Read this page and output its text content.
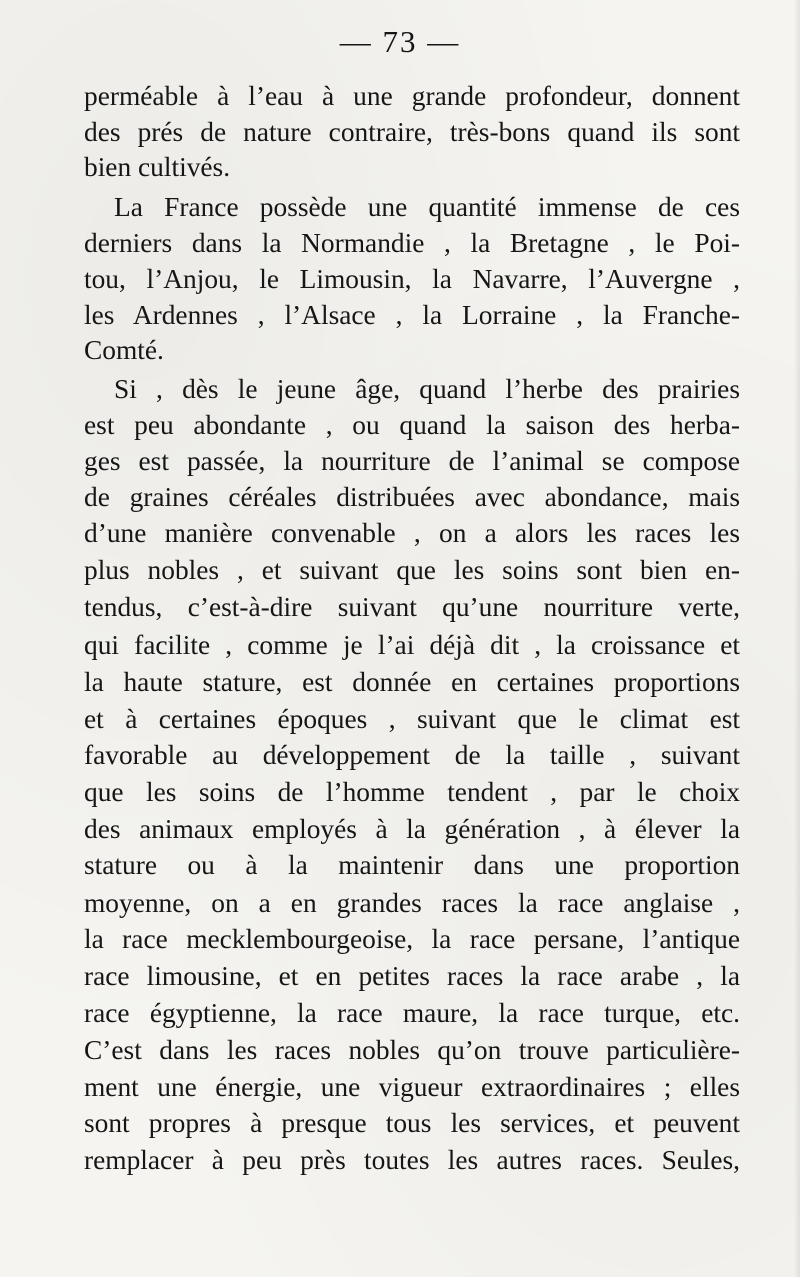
— 73 —
perméable à l’eau à une grande profondeur, donnent
des prés de nature contraire, très-bons quand ils sont
bien cultivés.
La France possède une quantité immense de ces
derniers dans la Normandie , la Bretagne , le Poi-
tou, l’Anjou, le Limousin, la Navarre, l’Auvergne ,
les Ardennes , l’Alsace , la Lorraine , la Franche-
Comté.
Si , dès le jeune âge, quand l’herbe des prairies
est peu abondante , ou quand la saison des herba-
ges est passée, la nourriture de l’animal se compose
de graines céréales distribuées avec abondance, mais
d’une manière convenable , on a alors les races les
plus nobles , et suivant que les soins sont bien en-
tendus, c’est-à-dire suivant qu’une nourriture verte,
qui facilite , comme je l’ai déjà dit , la croissance et
la haute stature, est donnée en certaines proportions
et à certaines époques , suivant que le climat est
favorable au développement de la taille , suivant
que les soins de l’homme tendent , par le choix
des animaux employés à la génération , à élever la
stature ou à la maintenir dans une proportion
moyenne, on a en grandes races la race anglaise ,
la race mecklembourgeoise, la race persane, l’antique
race limousine, et en petites races la race arabe , la
race égyptienne, la race maure, la race turque, etc.
C’est dans les races nobles qu’on trouve particulière-
ment une énergie, une vigueur extraordinaires ; elles
sont propres à presque tous les services, et peuvent
remplacer à peu près toutes les autres races. Seules,
